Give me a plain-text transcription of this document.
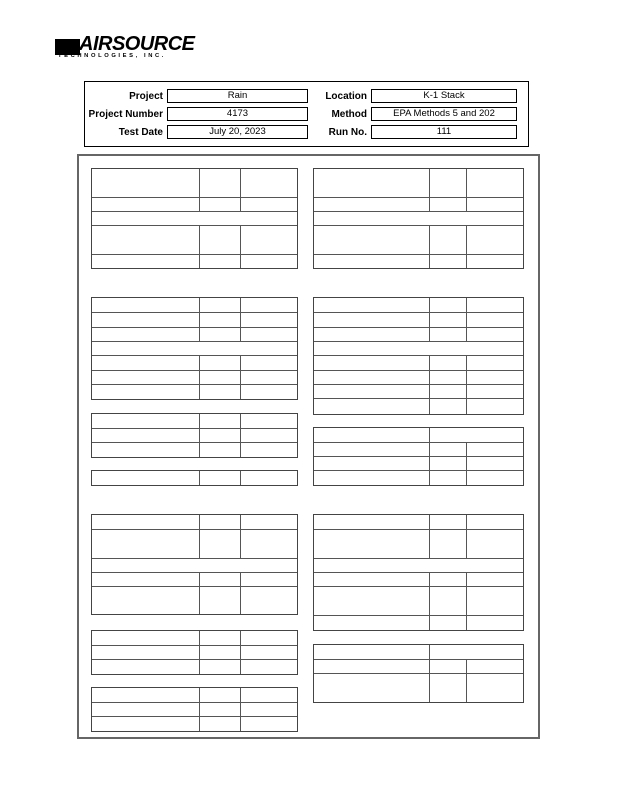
AIRSOURCE
TECHNOLOGIES, INC.
Project	Rain
Project Number	4173
Test Date	July 20, 2023
Location	K-1 Stack
Method	EPA Methods 5 and 202
Run No.	111
